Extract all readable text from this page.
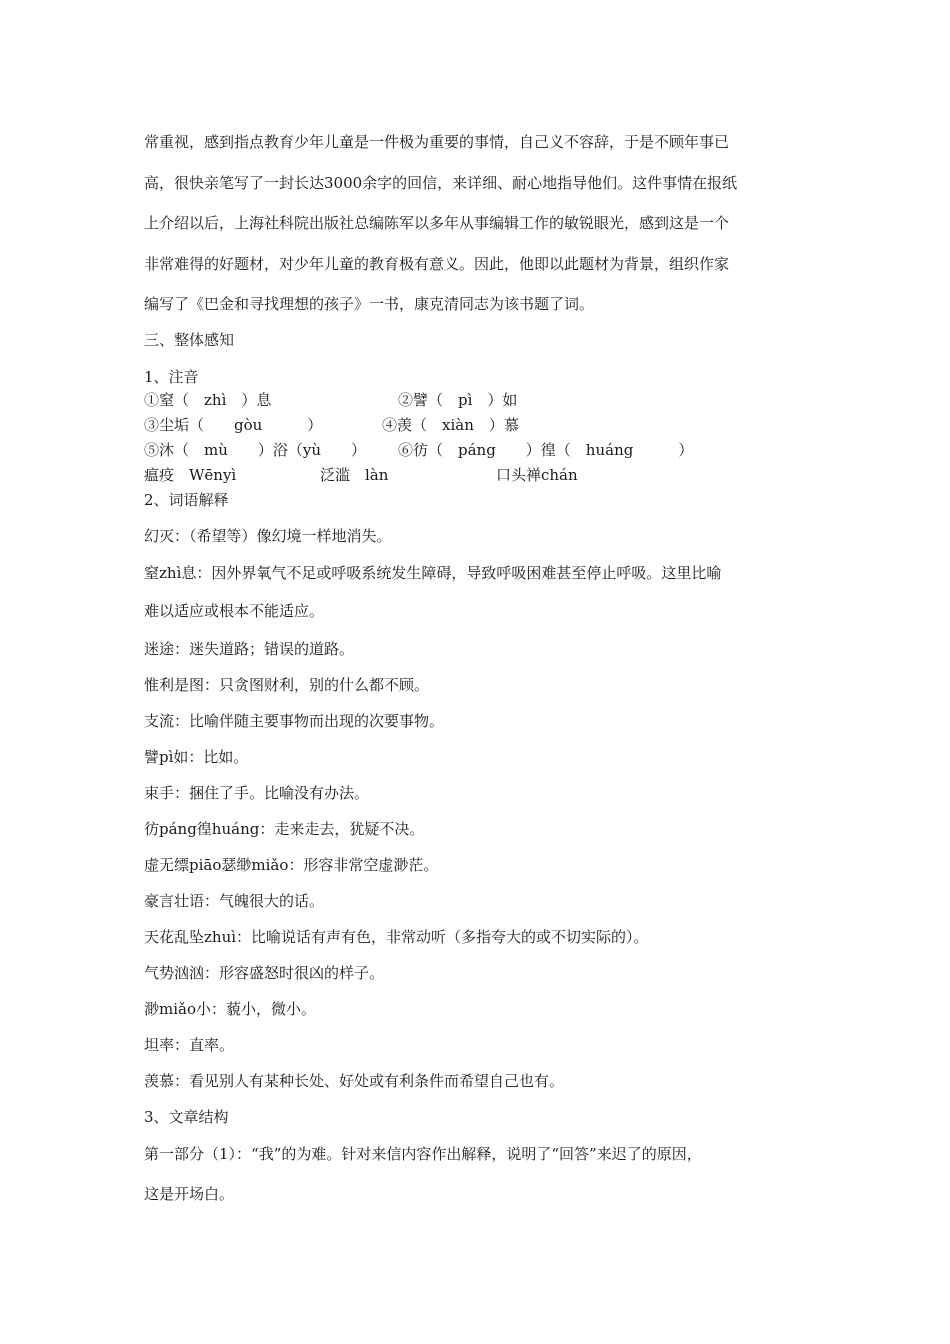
常重视，感到指点教育少年儿童是一件极为重要的事情，自己义不容辞，于是不顾年事已

高，很快亲笔写了一封长达3000余字的回信，来详细、耐心地指导他们。这件事情在报纸

上介绍以后，上海社科院出版社总编陈军以多年从事编辑工作的敏锐眼光，感到这是一个

非常难得的好题材，对少年儿童的教育极有意义。因此，他即以此题材为背景，组织作家

编写了《巴金和寻找理想的孩子》一书，康克清同志为该书题了词。

三、整体感知

1、注音

①窒（　zhì　）息	②譬（　pì　）如
③尘垢（　　gòu　　　）	④羡（　xiàn　）慕
⑤沐（　mù　　）浴（yù　　） ⑥彷（　páng　　）徨（　huáng　　　）
瘟疫　Wēnyì	泛滥　làn	口头禅chán

2、词语解释

幻灭：（希望等）像幻境一样地消失。

窒zhì息：因外界氧气不足或呼吸系统发生障碍，导致呼吸困难甚至停止呼吸。这里比喻

难以适应或根本不能适应。

迷途：迷失道路；错误的道路。

惟利是图：只贪图财利，别的什么都不顾。

支流：比喻伴随主要事物而出现的次要事物。

譬pì如：比如。

束手：捆住了手。比喻没有办法。

彷páng徨huáng：走来走去，犹疑不决。

虚无缥piāo瑟缈miǎo：形容非常空虚渺茫。

豪言壮语：气魄很大的话。

天花乱坠zhuì：比喻说话有声有色，非常动听（多指夸大的或不切实际的）。

气势汹汹：形容盛怒时很凶的样子。

渺miǎo小：藐小，微小。

坦率：直率。

羡慕：看见别人有某种长处、好处或有利条件而希望自己也有。

3、文章结构

第一部分（1）：“我”的为难。针对来信内容作出解释，说明了“回答”来迟了的原因，

这是开场白。
